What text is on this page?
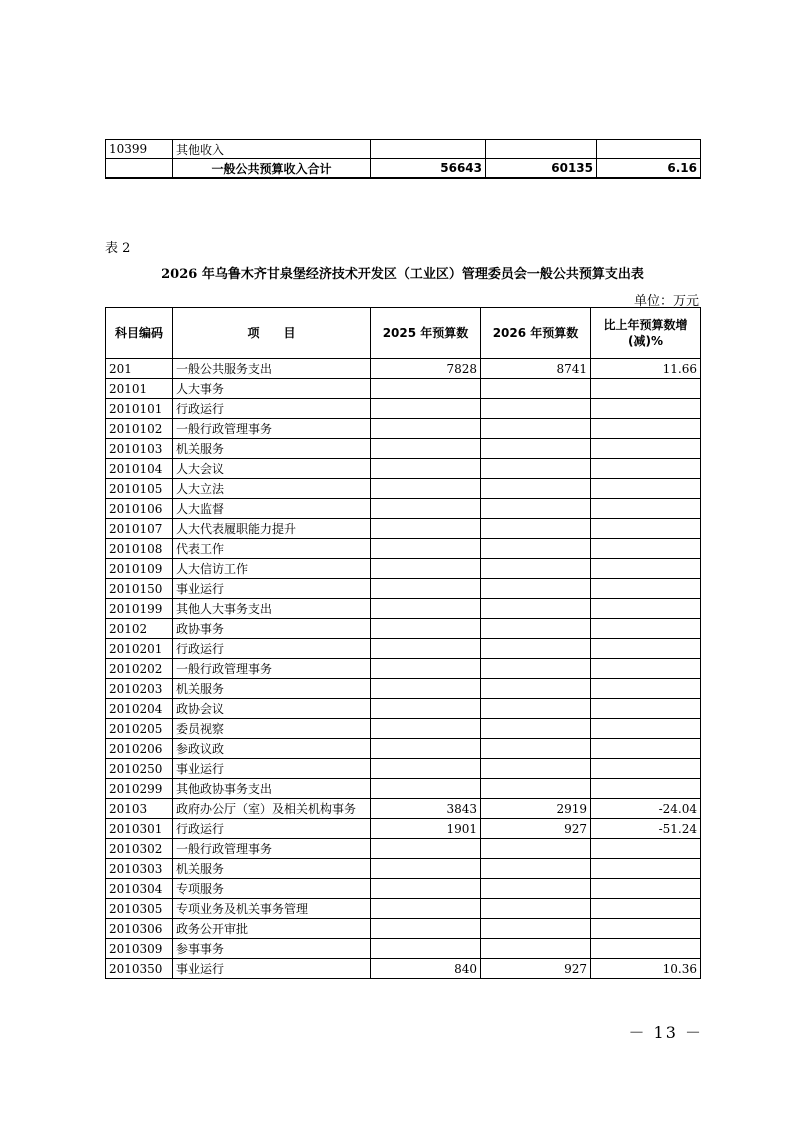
10399	其他收入			
	一般公共预算收入合计	56643	60135	6.16
表 2
2026 年乌鲁木齐甘泉堡经济技术开发区（工业区）管理委员会一般公共预算支出表
单位：万元
科目编码	项　　目	2025 年预算数	2026 年预算数	比上年预算数增(减)%
201	一般公共服务支出	7828	8741	11.66
20101	人大事务			
2010101	行政运行			
2010102	一般行政管理事务			
2010103	机关服务			
2010104	人大会议			
2010105	人大立法			
2010106	人大监督			
2010107	人大代表履职能力提升			
2010108	代表工作			
2010109	人大信访工作			
2010150	事业运行			
2010199	其他人大事务支出			
20102	政协事务			
2010201	行政运行			
2010202	一般行政管理事务			
2010203	机关服务			
2010204	政协会议			
2010205	委员视察			
2010206	参政议政			
2010250	事业运行			
2010299	其他政协事务支出			
20103	政府办公厅（室）及相关机构事务	3843	2919	-24.04
2010301	行政运行	1901	927	-51.24
2010302	一般行政管理事务			
2010303	机关服务			
2010304	专项服务			
2010305	专项业务及机关事务管理			
2010306	政务公开审批			
2010309	参事事务			
2010350	事业运行	840	927	10.36
－ 13 －
